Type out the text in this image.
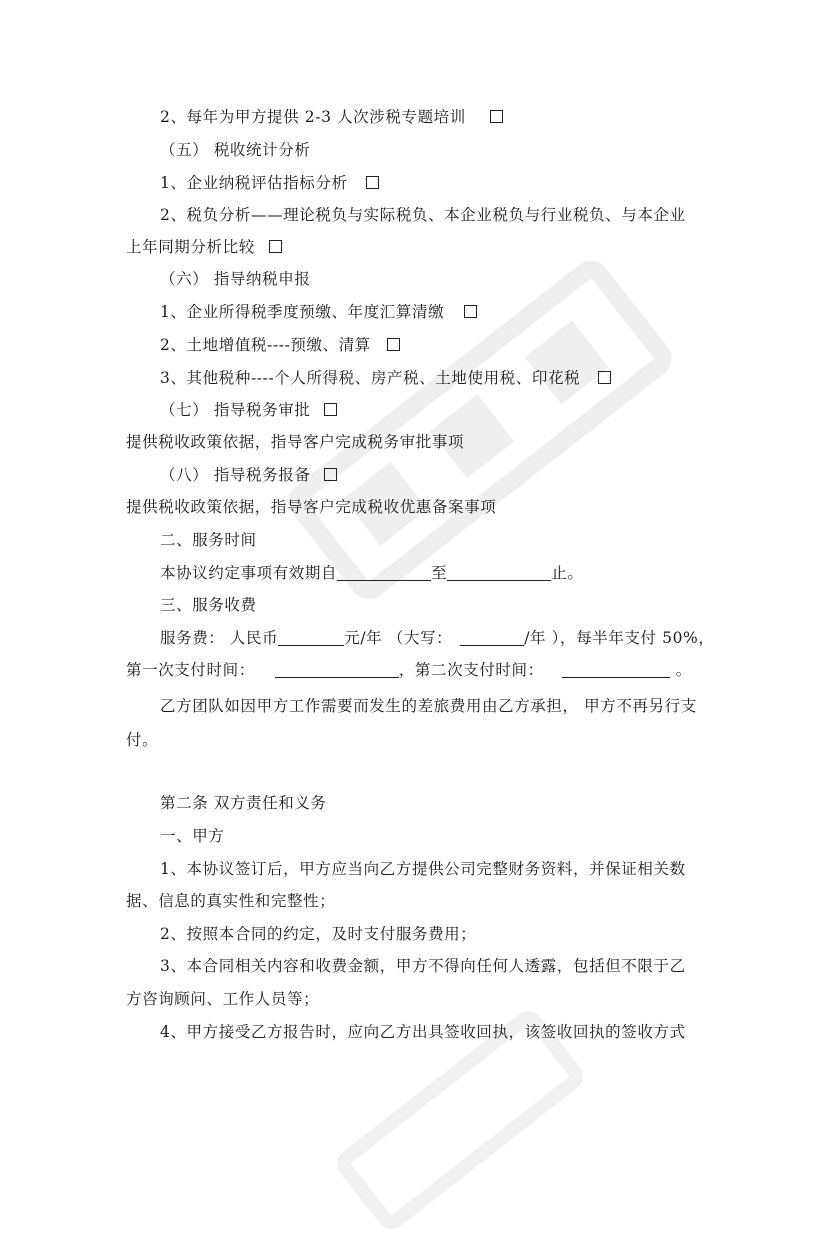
2、每年为甲方提供 2-3 人次涉税专题培训
（五） 税收统计分析
1、企业纳税评估指标分析
2、税负分析——理论税负与实际税负、本企业税负与行业税负、与本企业
上年同期分析比较
（六） 指导纳税申报
1、企业所得税季度预缴、年度汇算清缴
2、土地增值税----预缴、清算
3、其他税种----个人所得税、房产税、土地使用税、印花税
（七） 指导税务审批
提供税收政策依据，指导客户完成税务审批事项
（八） 指导税务报备
提供税收政策依据，指导客户完成税收优惠备案事项
二、服务时间
本协议约定事项有效期自	至	止。
三、服务收费
服务费： 人民币	元/年 （大写：	/年 ），每半年支付 50%，
第一次支付时间：	，第二次支付时间：	。
乙方团队如因甲方工作需要而发生的差旅费用由乙方承担， 甲方不再另行支
付。
第二条 双方责任和义务
一、甲方
1、本协议签订后，甲方应当向乙方提供公司完整财务资料，并保证相关数
据、信息的真实性和完整性；
2、按照本合同的约定，及时支付服务费用；
3、本合同相关内容和收费金额，甲方不得向任何人透露，包括但不限于乙
方咨询顾问、工作人员等；
4、甲方接受乙方报告时，应向乙方出具签收回执，该签收回执的签收方式
